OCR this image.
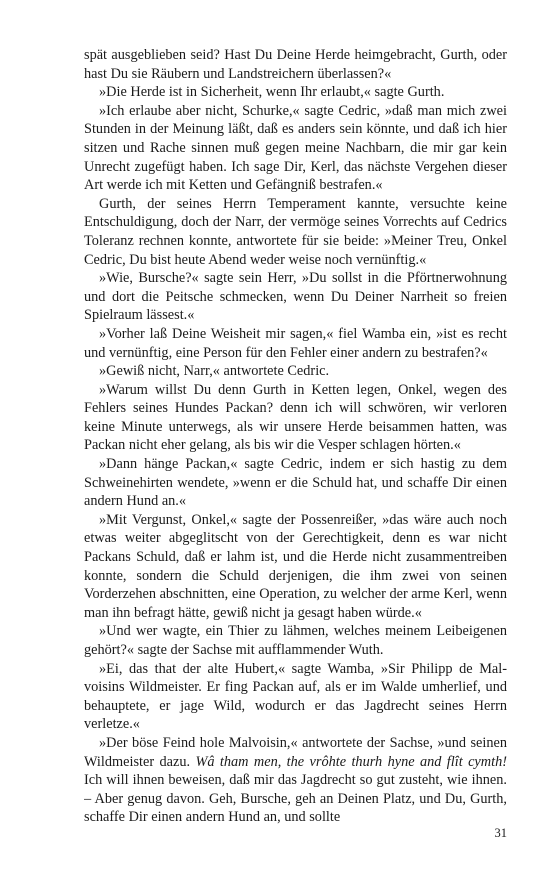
spät ausgeblieben seid? Hast Du Deine Herde heimgebracht, Gurth, oder hast Du sie Räubern und Landstreichern überlassen?«

»Die Herde ist in Sicherheit, wenn Ihr erlaubt,« sagte Gurth.

»Ich erlaube aber nicht, Schurke,« sagte Cedric, »daß man mich zwei Stunden in der Meinung läßt, daß es anders sein könnte, und daß ich hier sitzen und Rache sinnen muß gegen meine Nachbarn, die mir gar kein Unrecht zugefügt haben. Ich sage Dir, Kerl, das nächste Vergehen dieser Art werde ich mit Ketten und Gefängniß bestrafen.«

Gurth, der seines Herrn Temperament kannte, versuchte keine Entschuldigung, doch der Narr, der vermöge seines Vorrechts auf Cedrics Toleranz rechnen konnte, antwortete für sie beide: »Meiner Treu, Onkel Cedric, Du bist heute Abend weder weise noch vernünftig.«

»Wie, Bursche?« sagte sein Herr, »Du sollst in die Pförtnerwohnung und dort die Peitsche schmecken, wenn Du Deiner Narrheit so freien Spielraum lässest.«

»Vorher laß Deine Weisheit mir sagen,« fiel Wamba ein, »ist es recht und vernünftig, eine Person für den Fehler einer andern zu bestrafen?«

»Gewiß nicht, Narr,« antwortete Cedric.

»Warum willst Du denn Gurth in Ketten legen, Onkel, wegen des Fehlers seines Hundes Packan? denn ich will schwören, wir verloren keine Minute unterwegs, als wir unsere Herde beisammen hatten, was Packan nicht eher gelang, als bis wir die Vesper schlagen hörten.«

»Dann hänge Packan,« sagte Cedric, indem er sich hastig zu dem Schweinehirten wendete, »wenn er die Schuld hat, und schaffe Dir einen andern Hund an.«

»Mit Vergunst, Onkel,« sagte der Possenreißer, »das wäre auch noch etwas weiter abgeglitscht von der Gerechtigkeit, denn es war nicht Packans Schuld, daß er lahm ist, und die Herde nicht zusammentreiben konnte, sondern die Schuld derjenigen, die ihm zwei von seinen Vorderzehen abschnitten, eine Operation, zu welcher der arme Kerl, wenn man ihn befragt hätte, gewiß nicht ja gesagt haben würde.«

»Und wer wagte, ein Thier zu lähmen, welches meinem Leibeigenen gehört?« sagte der Sachse mit aufflammender Wuth.

»Ei, das that der alte Hubert,« sagte Wamba, »Sir Philipp de Malvoisins Wildmeister. Er fing Packan auf, als er im Walde umherlief, und behauptete, er jage Wild, wodurch er das Jagdrecht seines Herrn verletze.«

»Der böse Feind hole Malvoisin,« antwortete der Sachse, »und seinen Wildmeister dazu. Wâ tham men, the vrôhte thurh hyne and flît cymth! Ich will ihnen beweisen, daß mir das Jagdrecht so gut zusteht, wie ihnen. – Aber genug davon. Geh, Bursche, geh an Deinen Platz, und Du, Gurth, schaffe Dir einen andern Hund an, und sollte

31
